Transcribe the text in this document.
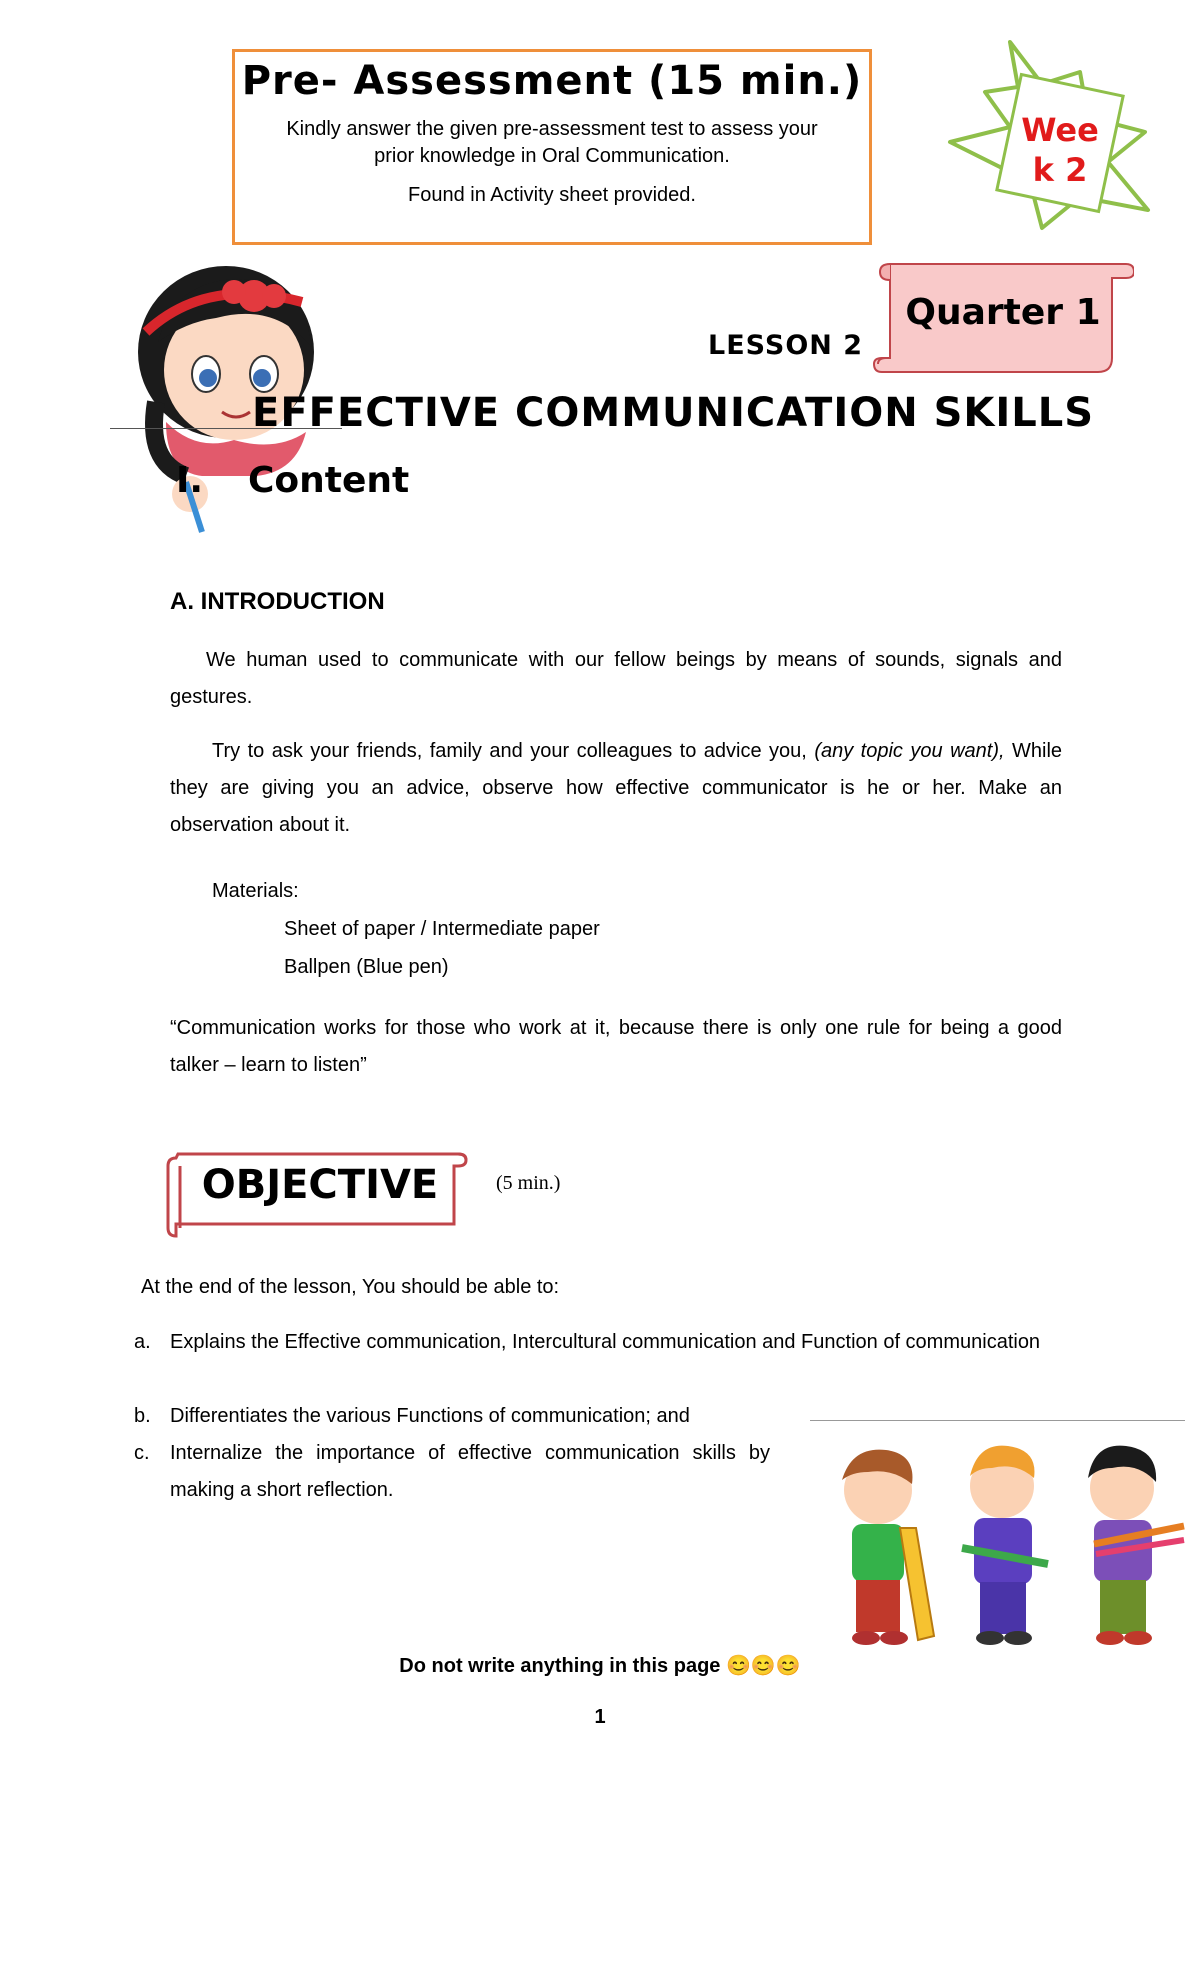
Pre- Assessment (15 min.)
Kindly answer the given pre-assessment test to assess your prior knowledge in Oral Communication.
Found in Activity sheet provided.
Wee
k 2
Quarter 1
LESSON 2
EFFECTIVE COMMUNICATION SKILLS
I. Content
A. INTRODUCTION
We human used to communicate with our fellow beings by means of sounds, signals and gestures.
Try to ask your friends, family and your colleagues to advice you, (any topic you want), While they are giving you an advice, observe how effective communicator is he or her. Make an observation about it.
Materials:
Sheet of paper / Intermediate paper
Ballpen (Blue pen)
“Communication works for those who work at it, because there is only one rule for being a good talker – learn to listen”
OBJECTIVE	(5 min.)
At the end of the lesson, You should be able to:
a. Explains the Effective communication, Intercultural communication and Function of communication
b. Differentiates the various Functions of communication; and
c.	Internalize the importance of effective communication skills by making a short reflection.
Do not write anything in this page 😊😊😊
1
